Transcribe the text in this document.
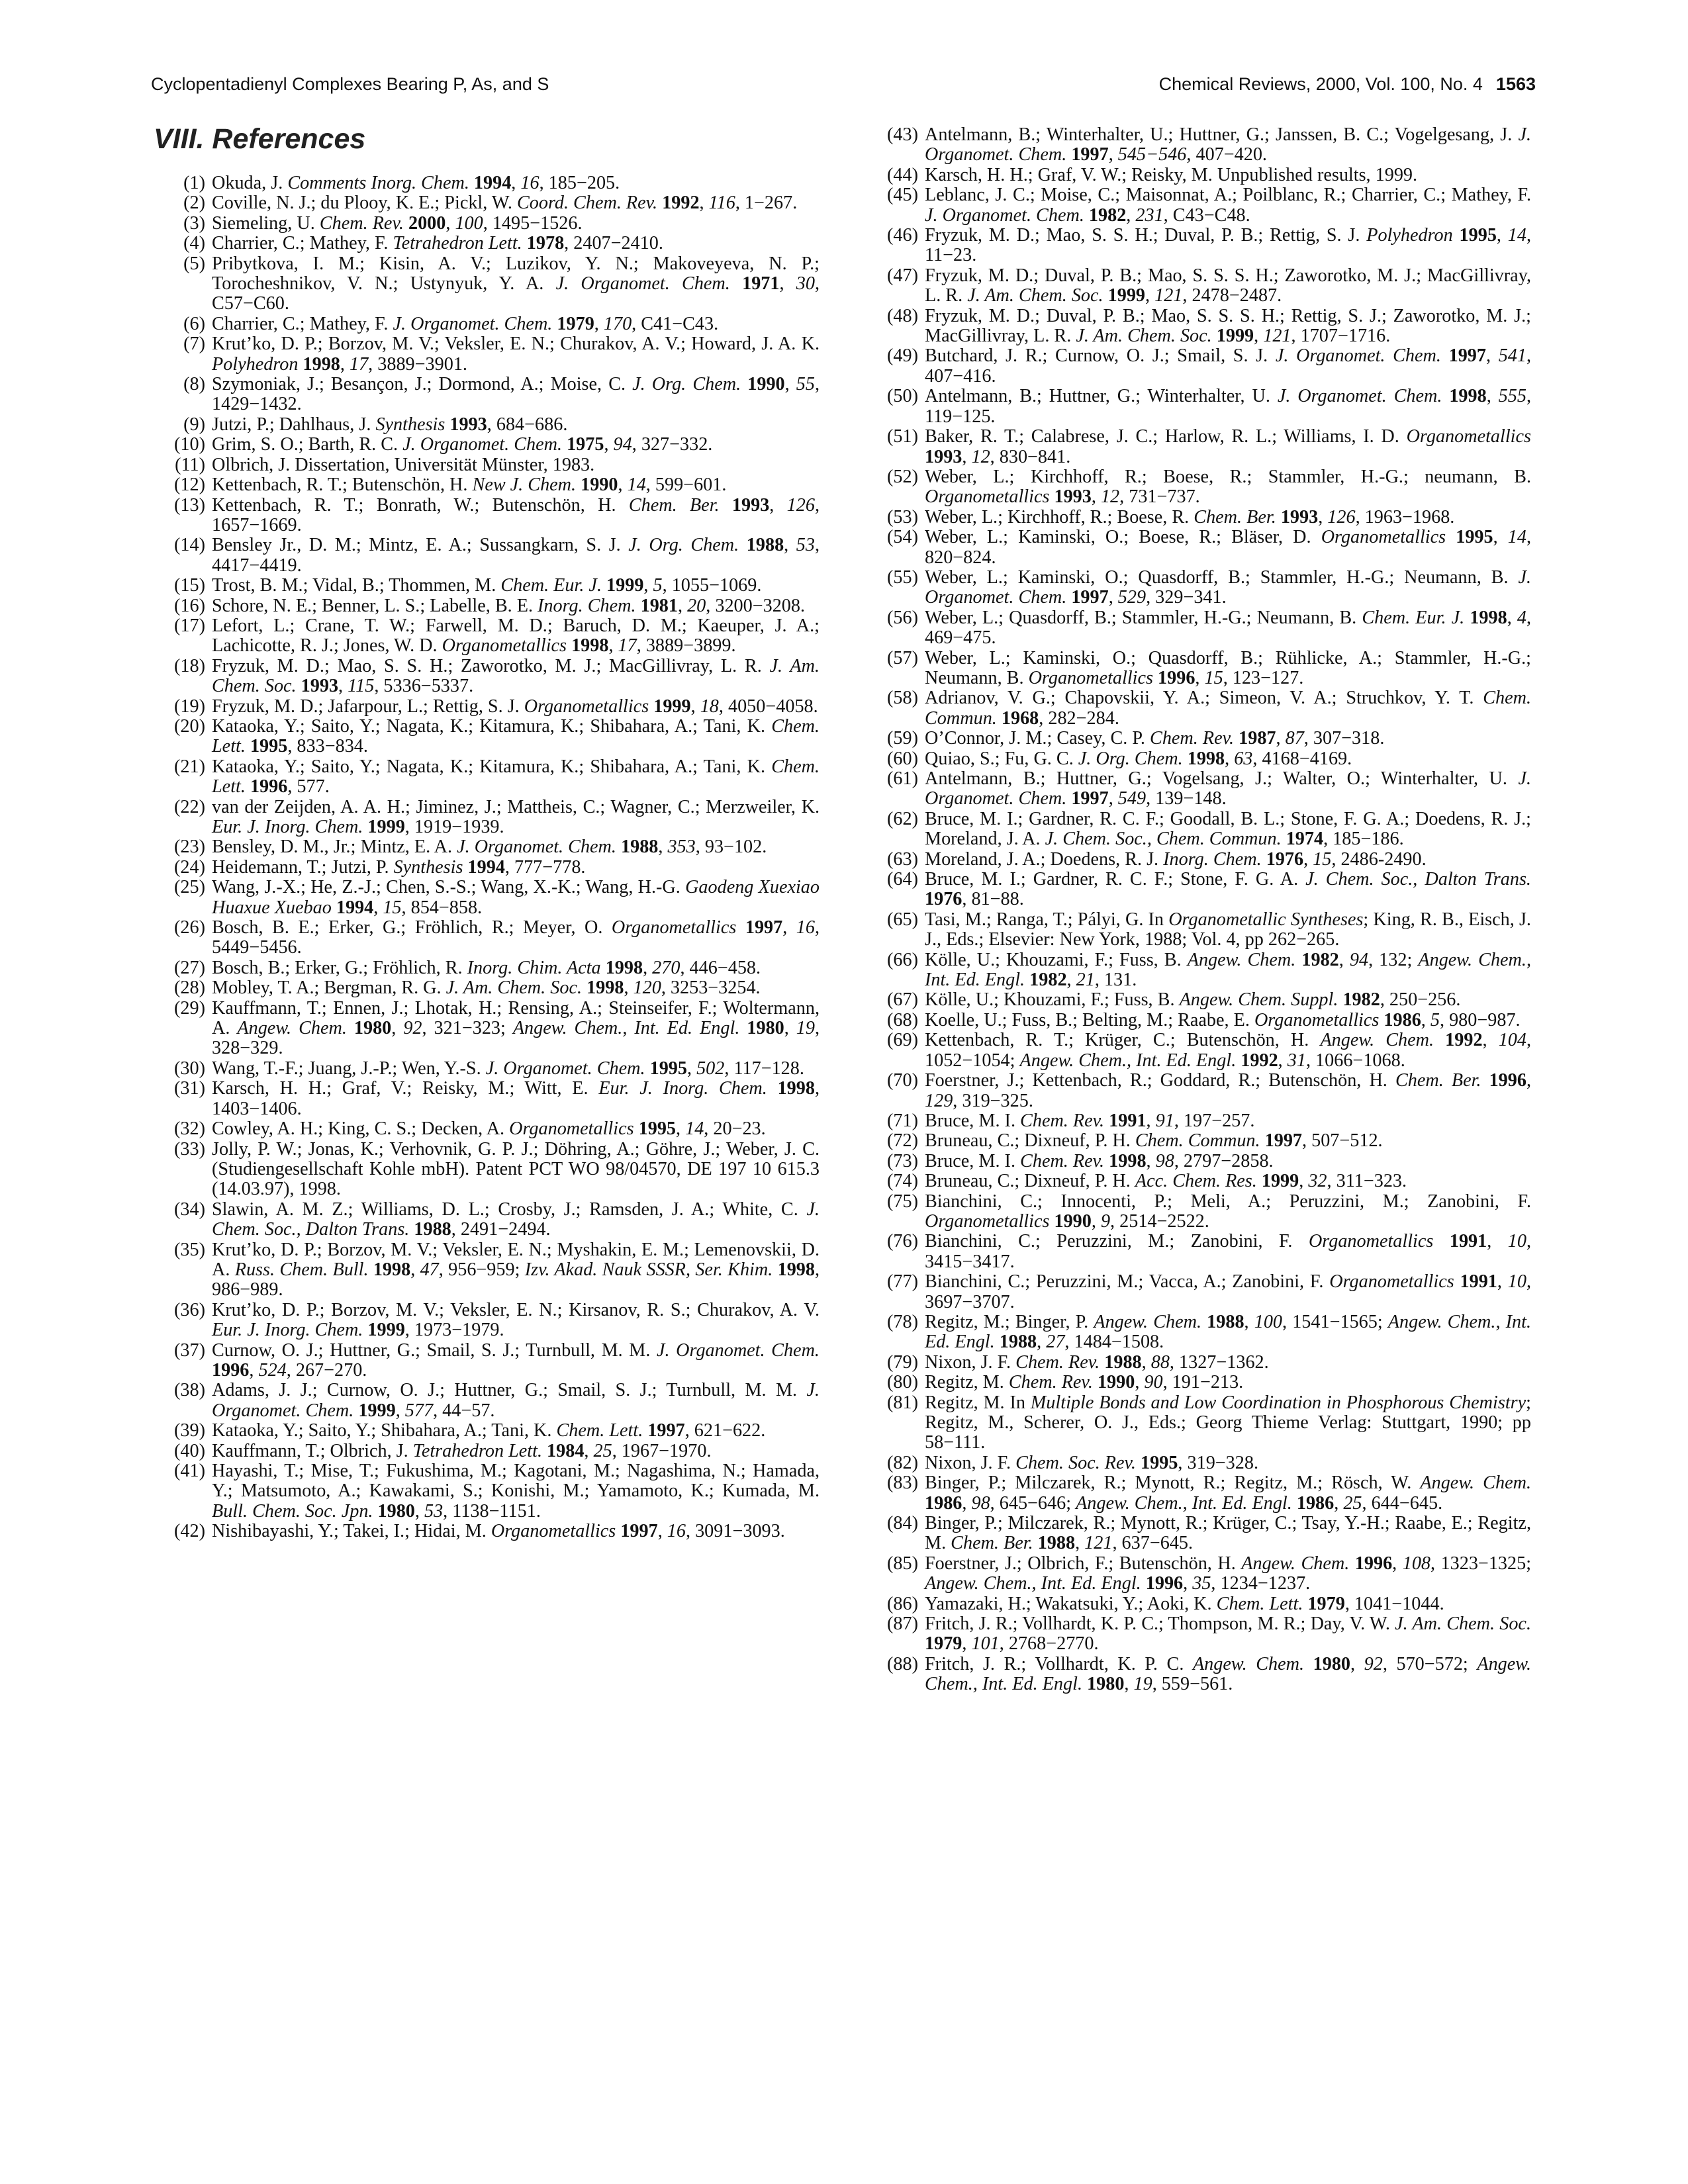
Cyclopentadienyl Complexes Bearing P, As, and S	Chemical Reviews, 2000, Vol. 100, No. 4 1563
VIII. References

(1) Okuda, J. Comments Inorg. Chem. 1994, 16, 185−205.

(2) Coville, N. J.; du Plooy, K. E.; Pickl, W. Coord. Chem. Rev. 1992, 116, 1−267.

(3) Siemeling, U. Chem. Rev. 2000, 100, 1495−1526.

(4) Charrier, C.; Mathey, F. Tetrahedron Lett. 1978, 2407−2410.

(5) Pribytkova, I. M.; Kisin, A. V.; Luzikov, Y. N.; Makoveyeva, N. P.; Torocheshnikov, V. N.; Ustynyuk, Y. A. J. Organomet. Chem. 1971, 30, C57−C60.

(6) Charrier, C.; Mathey, F. J. Organomet. Chem. 1979, 170, C41−C43.

(7) Krut’ko, D. P.; Borzov, M. V.; Veksler, E. N.; Churakov, A. V.; Howard, J. A. K. Polyhedron 1998, 17, 3889−3901.

(8) Szymoniak, J.; Besançon, J.; Dormond, A.; Moise, C. J. Org. Chem. 1990, 55, 1429−1432.

(9) Jutzi, P.; Dahlhaus, J. Synthesis 1993, 684−686.

(10) Grim, S. O.; Barth, R. C. J. Organomet. Chem. 1975, 94, 327−332.

(11) Olbrich, J. Dissertation, Universität Münster, 1983.

(12) Kettenbach, R. T.; Butenschön, H. New J. Chem. 1990, 14, 599−601.

(13) Kettenbach, R. T.; Bonrath, W.; Butenschön, H. Chem. Ber. 1993, 126, 1657−1669.

(14) Bensley Jr., D. M.; Mintz, E. A.; Sussangkarn, S. J. J. Org. Chem. 1988, 53, 4417−4419.

(15) Trost, B. M.; Vidal, B.; Thommen, M. Chem. Eur. J. 1999, 5, 1055−1069.

(16) Schore, N. E.; Benner, L. S.; Labelle, B. E. Inorg. Chem. 1981, 20, 3200−3208.

(17) Lefort, L.; Crane, T. W.; Farwell, M. D.; Baruch, D. M.; Kaeuper, J. A.; Lachicotte, R. J.; Jones, W. D. Organometallics 1998, 17, 3889−3899.

(18) Fryzuk, M. D.; Mao, S. S. H.; Zaworotko, M. J.; MacGillivray, L. R. J. Am. Chem. Soc. 1993, 115, 5336−5337.

(19) Fryzuk, M. D.; Jafarpour, L.; Rettig, S. J. Organometallics 1999, 18, 4050−4058.

(20) Kataoka, Y.; Saito, Y.; Nagata, K.; Kitamura, K.; Shibahara, A.; Tani, K. Chem. Lett. 1995, 833−834.

(21) Kataoka, Y.; Saito, Y.; Nagata, K.; Kitamura, K.; Shibahara, A.; Tani, K. Chem. Lett. 1996, 577.

(22) van der Zeijden, A. A. H.; Jiminez, J.; Mattheis, C.; Wagner, C.; Merzweiler, K. Eur. J. Inorg. Chem. 1999, 1919−1939.

(23) Bensley, D. M., Jr.; Mintz, E. A. J. Organomet. Chem. 1988, 353, 93−102.

(24) Heidemann, T.; Jutzi, P. Synthesis 1994, 777−778.

(25) Wang, J.-X.; He, Z.-J.; Chen, S.-S.; Wang, X.-K.; Wang, H.-G. Gaodeng Xuexiao Huaxue Xuebao 1994, 15, 854−858.

(26) Bosch, B. E.; Erker, G.; Fröhlich, R.; Meyer, O. Organometallics 1997, 16, 5449−5456.

(27) Bosch, B.; Erker, G.; Fröhlich, R. Inorg. Chim. Acta 1998, 270, 446−458.

(28) Mobley, T. A.; Bergman, R. G. J. Am. Chem. Soc. 1998, 120, 3253−3254.

(29) Kauffmann, T.; Ennen, J.; Lhotak, H.; Rensing, A.; Steinseifer, F.; Woltermann, A. Angew. Chem. 1980, 92, 321−323; Angew. Chem., Int. Ed. Engl. 1980, 19, 328−329.

(30) Wang, T.-F.; Juang, J.-P.; Wen, Y.-S. J. Organomet. Chem. 1995, 502, 117−128.

(31) Karsch, H. H.; Graf, V.; Reisky, M.; Witt, E. Eur. J. Inorg. Chem. 1998, 1403−1406.

(32) Cowley, A. H.; King, C. S.; Decken, A. Organometallics 1995, 14, 20−23.

(33) Jolly, P. W.; Jonas, K.; Verhovnik, G. P. J.; Döhring, A.; Göhre, J.; Weber, J. C. (Studiengesellschaft Kohle mbH). Patent PCT WO 98/04570, DE 197 10 615.3 (14.03.97), 1998.

(34) Slawin, A. M. Z.; Williams, D. L.; Crosby, J.; Ramsden, J. A.; White, C. J. Chem. Soc., Dalton Trans. 1988, 2491−2494.

(35) Krut’ko, D. P.; Borzov, M. V.; Veksler, E. N.; Myshakin, E. M.; Lemenovskii, D. A. Russ. Chem. Bull. 1998, 47, 956−959; Izv. Akad. Nauk SSSR, Ser. Khim. 1998, 986−989.

(36) Krut’ko, D. P.; Borzov, M. V.; Veksler, E. N.; Kirsanov, R. S.; Churakov, A. V. Eur. J. Inorg. Chem. 1999, 1973−1979.

(37) Curnow, O. J.; Huttner, G.; Smail, S. J.; Turnbull, M. M. J. Organomet. Chem. 1996, 524, 267−270.

(38) Adams, J. J.; Curnow, O. J.; Huttner, G.; Smail, S. J.; Turnbull, M. M. J. Organomet. Chem. 1999, 577, 44−57.

(39) Kataoka, Y.; Saito, Y.; Shibahara, A.; Tani, K. Chem. Lett. 1997, 621−622.

(40) Kauffmann, T.; Olbrich, J. Tetrahedron Lett. 1984, 25, 1967−1970.

(41) Hayashi, T.; Mise, T.; Fukushima, M.; Kagotani, M.; Nagashima, N.; Hamada, Y.; Matsumoto, A.; Kawakami, S.; Konishi, M.; Yamamoto, K.; Kumada, M. Bull. Chem. Soc. Jpn. 1980, 53, 1138−1151.

(42) Nishibayashi, Y.; Takei, I.; Hidai, M. Organometallics 1997, 16, 3091−3093.

(43) Antelmann, B.; Winterhalter, U.; Huttner, G.; Janssen, B. C.; Vogelgesang, J. J. Organomet. Chem. 1997, 545−546, 407−420.

(44) Karsch, H. H.; Graf, V. W.; Reisky, M. Unpublished results, 1999.

(45) Leblanc, J. C.; Moise, C.; Maisonnat, A.; Poilblanc, R.; Charrier, C.; Mathey, F. J. Organomet. Chem. 1982, 231, C43−C48.

(46) Fryzuk, M. D.; Mao, S. S. H.; Duval, P. B.; Rettig, S. J. Polyhedron 1995, 14, 11−23.

(47) Fryzuk, M. D.; Duval, P. B.; Mao, S. S. S. H.; Zaworotko, M. J.; MacGillivray, L. R. J. Am. Chem. Soc. 1999, 121, 2478−2487.

(48) Fryzuk, M. D.; Duval, P. B.; Mao, S. S. S. H.; Rettig, S. J.; Zaworotko, M. J.; MacGillivray, L. R. J. Am. Chem. Soc. 1999, 121, 1707−1716.

(49) Butchard, J. R.; Curnow, O. J.; Smail, S. J. J. Organomet. Chem. 1997, 541, 407−416.

(50) Antelmann, B.; Huttner, G.; Winterhalter, U. J. Organomet. Chem. 1998, 555, 119−125.

(51) Baker, R. T.; Calabrese, J. C.; Harlow, R. L.; Williams, I. D. Organometallics 1993, 12, 830−841.

(52) Weber, L.; Kirchhoff, R.; Boese, R.; Stammler, H.-G.; neumann, B. Organometallics 1993, 12, 731−737.

(53) Weber, L.; Kirchhoff, R.; Boese, R. Chem. Ber. 1993, 126, 1963−1968.

(54) Weber, L.; Kaminski, O.; Boese, R.; Bläser, D. Organometallics 1995, 14, 820−824.

(55) Weber, L.; Kaminski, O.; Quasdorff, B.; Stammler, H.-G.; Neumann, B. J. Organomet. Chem. 1997, 529, 329−341.

(56) Weber, L.; Quasdorff, B.; Stammler, H.-G.; Neumann, B. Chem. Eur. J. 1998, 4, 469−475.

(57) Weber, L.; Kaminski, O.; Quasdorff, B.; Rühlicke, A.; Stammler, H.-G.; Neumann, B. Organometallics 1996, 15, 123−127.

(58) Adrianov, V. G.; Chapovskii, Y. A.; Simeon, V. A.; Struchkov, Y. T. Chem. Commun. 1968, 282−284.

(59) O’Connor, J. M.; Casey, C. P. Chem. Rev. 1987, 87, 307−318.

(60) Quiao, S.; Fu, G. C. J. Org. Chem. 1998, 63, 4168−4169.

(61) Antelmann, B.; Huttner, G.; Vogelsang, J.; Walter, O.; Winterhalter, U. J. Organomet. Chem. 1997, 549, 139−148.

(62) Bruce, M. I.; Gardner, R. C. F.; Goodall, B. L.; Stone, F. G. A.; Doedens, R. J.; Moreland, J. A. J. Chem. Soc., Chem. Commun. 1974, 185−186.

(63) Moreland, J. A.; Doedens, R. J. Inorg. Chem. 1976, 15, 2486-2490.

(64) Bruce, M. I.; Gardner, R. C. F.; Stone, F. G. A. J. Chem. Soc., Dalton Trans. 1976, 81−88.

(65) Tasi, M.; Ranga, T.; Pályi, G. In Organometallic Syntheses; King, R. B., Eisch, J. J., Eds.; Elsevier: New York, 1988; Vol. 4, pp 262−265.

(66) Kölle, U.; Khouzami, F.; Fuss, B. Angew. Chem. 1982, 94, 132; Angew. Chem., Int. Ed. Engl. 1982, 21, 131.

(67) Kölle, U.; Khouzami, F.; Fuss, B. Angew. Chem. Suppl. 1982, 250−256.

(68) Koelle, U.; Fuss, B.; Belting, M.; Raabe, E. Organometallics 1986, 5, 980−987.

(69) Kettenbach, R. T.; Krüger, C.; Butenschön, H. Angew. Chem. 1992, 104, 1052−1054; Angew. Chem., Int. Ed. Engl. 1992, 31, 1066−1068.

(70) Foerstner, J.; Kettenbach, R.; Goddard, R.; Butenschön, H. Chem. Ber. 1996, 129, 319−325.

(71) Bruce, M. I. Chem. Rev. 1991, 91, 197−257.

(72) Bruneau, C.; Dixneuf, P. H. Chem. Commun. 1997, 507−512.

(73) Bruce, M. I. Chem. Rev. 1998, 98, 2797−2858.

(74) Bruneau, C.; Dixneuf, P. H. Acc. Chem. Res. 1999, 32, 311−323.

(75) Bianchini, C.; Innocenti, P.; Meli, A.; Peruzzini, M.; Zanobini, F. Organometallics 1990, 9, 2514−2522.

(76) Bianchini, C.; Peruzzini, M.; Zanobini, F. Organometallics 1991, 10, 3415−3417.

(77) Bianchini, C.; Peruzzini, M.; Vacca, A.; Zanobini, F. Organometallics 1991, 10, 3697−3707.

(78) Regitz, M.; Binger, P. Angew. Chem. 1988, 100, 1541−1565; Angew. Chem., Int. Ed. Engl. 1988, 27, 1484−1508.

(79) Nixon, J. F. Chem. Rev. 1988, 88, 1327−1362.

(80) Regitz, M. Chem. Rev. 1990, 90, 191−213.

(81) Regitz, M. In Multiple Bonds and Low Coordination in Phosphorous Chemistry; Regitz, M., Scherer, O. J., Eds.; Georg Thieme Verlag: Stuttgart, 1990; pp 58−111.

(82) Nixon, J. F. Chem. Soc. Rev. 1995, 319−328.

(83) Binger, P.; Milczarek, R.; Mynott, R.; Regitz, M.; Rösch, W. Angew. Chem. 1986, 98, 645−646; Angew. Chem., Int. Ed. Engl. 1986, 25, 644−645.

(84) Binger, P.; Milczarek, R.; Mynott, R.; Krüger, C.; Tsay, Y.-H.; Raabe, E.; Regitz, M. Chem. Ber. 1988, 121, 637−645.

(85) Foerstner, J.; Olbrich, F.; Butenschön, H. Angew. Chem. 1996, 108, 1323−1325; Angew. Chem., Int. Ed. Engl. 1996, 35, 1234−1237.

(86) Yamazaki, H.; Wakatsuki, Y.; Aoki, K. Chem. Lett. 1979, 1041−1044.

(87) Fritch, J. R.; Vollhardt, K. P. C.; Thompson, M. R.; Day, V. W. J. Am. Chem. Soc. 1979, 101, 2768−2770.

(88) Fritch, J. R.; Vollhardt, K. P. C. Angew. Chem. 1980, 92, 570−572; Angew. Chem., Int. Ed. Engl. 1980, 19, 559−561.
